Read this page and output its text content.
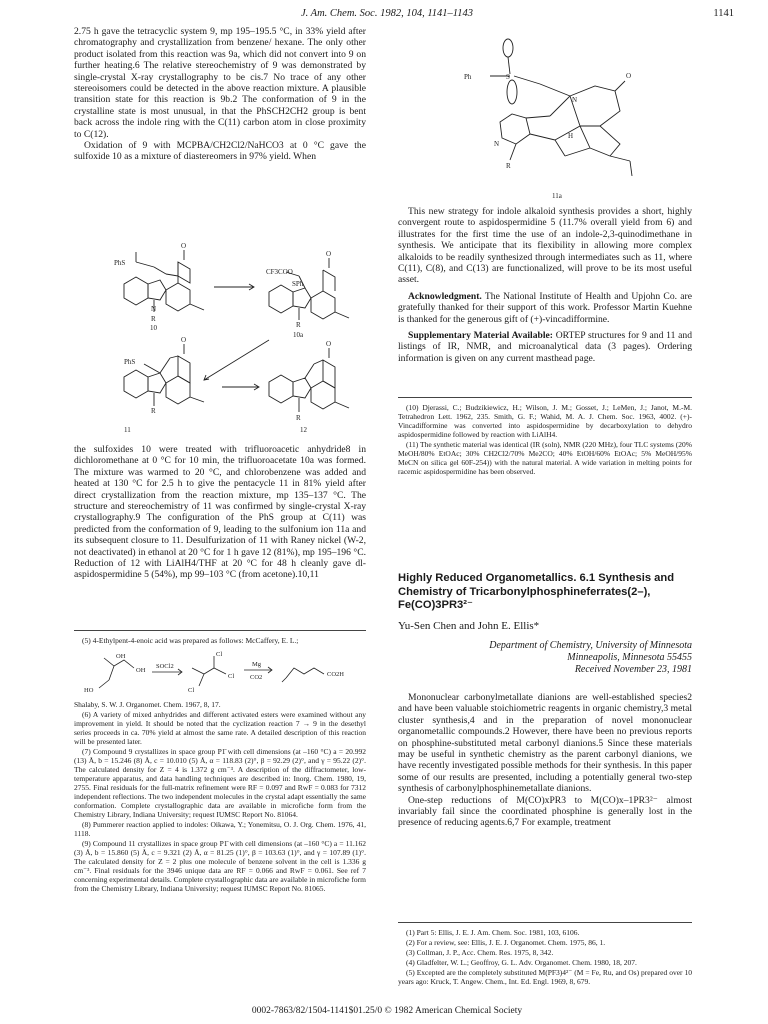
J. Am. Chem. Soc. 1982, 104, 1141–1143	1141

2.75 h gave the tetracyclic system 9, mp 195–195.5 °C, in 33% yield after chromatography and crystallization from benzene/ hexane. The only other product isolated from this reaction was 9a, which did not convert into 9 on further heating.6 The relative stereochemistry of 9 was demonstrated by single-crystal X-ray crystallography to be cis.7 No trace of any other stereoisomers could be detected in the above reaction mixture. A plausible transition state for this reaction is 9b.2 The conformation of 9 in the crystalline state is most unusual, in that the PhSCH2CH2 group is bent back across the indole ring with the C(11) carbon atom in close proximity to C(12).

Oxidation of 9 with MCPBA/CH2Cl2/NaHCO3 at 0 °C gave the sulfoxide 10 as a mixture of diastereomers in 97% yield. When

PhS
O
N
R
10
CF3COO
SPh
O
R
10a
PhS
O
R
11
O
R
12

the sulfoxides 10 were treated with trifluoroacetic anhydride8 in dichloromethane at 0 °C for 10 min, the trifluoroacetate 10a was formed. The mixture was warmed to 20 °C, and chlorobenzene was added and heated at 130 °C for 2.5 h to give the pentacycle 11 in 81% yield after direct crystallization from the reaction mixture, mp 135–137 °C. The structure and stereochemistry of 11 was confirmed by single-crystal X-ray crystallography.9 The configuration of the PhS group at C(11) was predicted from the conformation of 9, leading to the sulfonium ion 11a and its subsequent closure to 11. Desulfurization of 11 with Raney nickel (W-2, not deactivated) in ethanol at 20 °C for 1 h gave 12 (81%), mp 195–196 °C. Reduction of 12 with LiAlH4/THF at 20 °C for 48 h cleanly gave dl-aspidospermidine 5 (54%), mp 99–103 °C (from acetone).10,11

(5) 4-Ethylpent-4-enoic acid was prepared as follows: McCaffery, E. L.;

OH
OH
HO
SOCl2
Cl
Cl
Cl
Mg
CO2	CO2H

Shalaby, S. W. J. Organomet. Chem. 1967, 8, 17.

(6) A variety of mixed anhydrides and different activated esters were examined without any improvement in yield. It should be noted that the cyclization reaction 7 → 9 in the desethyl series proceeds in ca. 70% yield at almost the same rate. A detailed description of this reaction will be presented later.

(7) Compound 9 crystallizes in space group P1̄ with cell dimensions (at –160 °C) a = 20.992 (13) Å, b = 15.246 (8) Å, c = 10.010 (5) Å, α = 118.83 (2)°, β = 92.29 (2)°, and γ = 95.22 (2)°. The calculated density for Z = 4 is 1.372 g cm⁻³. A description of the diffractometer, low-temperature apparatus, and data handling techniques are described in: Inorg. Chem. 1980, 19, 2755. Final residuals for the full-matrix refinement were RF = 0.097 and RwF = 0.083 for 7312 independent reflections. The two independent molecules in the crystal adapt essentially the same conformation. Complete crystallographic data are available in microfiche form from the Chemistry Library, Indiana University; request IUMSC Report No. 81064.

(8) Pummerer reaction applied to indoles: Oikawa, Y.; Yonemitsu, O. J. Org. Chem. 1976, 41, 1118.

(9) Compound 11 crystallizes in space group P1̄ with cell dimensions (at –160 °C) a = 11.162 (3) Å, b = 15.860 (5) Å, c = 9.321 (2) Å, α = 81.25 (1)°, β = 103.63 (1)°, and γ = 107.89 (1)°. The calculated density for Z = 2 plus one molecule of benzene solvent in the cell is 1.336 g cm⁻³. Final residuals for the 3946 unique data are RF = 0.066 and RwF = 0.061. See ref 7 concerning experimental details. Complete crystallographic data are available in microfiche form from the Chemistry Library, Indiana University; request IUMSC Report No. 81065.

Ph	S
N
N
H
O
R
11a

This new strategy for indole alkaloid synthesis provides a short, highly convergent route to aspidospermidine 5 (11.7% overall yield from 6) and illustrates for the first time the use of an indole-2,3-quinodimethane in synthesis. We anticipate that its flexibility in allowing more complex alkaloids to be readily synthesized through intermediates such as 11, where C(11), C(8), and C(13) are functionalized, will prove to be its most useful asset.

Acknowledgment. The National Institute of Health and Upjohn Co. are gratefully thanked for their support of this work. Professor Martin Kuehne is thanked for the generous gift of (+)-vincadifformine.

Supplementary Material Available: ORTEP structures for 9 and 11 and listings of IR, NMR, and microanalytical data (3 pages). Ordering information is given on any current masthead page.

(10) Djerassi, C.; Budzikiewicz, H.; Wilson, J. M.; Gosset, J.; LeMen, J.; Janot, M.-M. Tetrahedron Lett. 1962, 235. Smith, G. F.; Wahid, M. A. J. Chem. Soc. 1963, 4002. (+)-Vincadifformine was converted into aspidospermidine by decarboxylation to dehydro aspidospermidine followed by reaction with LiAlH4.

(11) The synthetic material was identical (IR (soln), NMR (220 MHz), four TLC systems (20% MeOH/80% EtOAc; 30% CH2Cl2/70% Me2CO; 40% EtOH/60% EtOAc; 5% MeOH/95% MeCN on silica gel 60F-254)) with the natural material. A wide variation in melting points for racemic aspidospermidine has been observed.

Highly Reduced Organometallics. 6.1 Synthesis and Chemistry of Tricarbonylphosphineferrates(2–), Fe(CO)3PR3²⁻
Yu-Sen Chen and John E. Ellis*
Department of Chemistry, University of Minnesota
Minneapolis, Minnesota 55455
Received November 23, 1981

Mononuclear carbonylmetallate dianions are well-established species2 and have been valuable stoichiometric reagents in organic chemistry,3 metal cluster synthesis,4 and in the preparation of novel mononuclear organometallic compounds.2 However, there have been no previous reports on phosphine-substituted metal carbonyl dianions.5 Since these materials may be useful in synthetic chemistry as the parent carbonyl dianions, we have recently investigated possible methods for their synthesis. In this paper some of our results are presented, including a potentially general two-step synthesis of carbonylphosphinemetallate dianions.

One-step reductions of M(CO)xPR3 to M(CO)x–1PR3²⁻ almost invariably fail since the coordinated phosphine is generally lost in the presence of reducing agents.6,7 For example, treatment

(1) Part 5: Ellis, J. E. J. Am. Chem. Soc. 1981, 103, 6106.

(2) For a review, see: Ellis, J. E. J. Organomet. Chem. 1975, 86, 1.

(3) Collman, J. P., Acc. Chem. Res. 1975, 8, 342.

(4) Gladfelter, W. L.; Geoffroy, G. L. Adv. Organomet. Chem. 1980, 18, 207.

(5) Excepted are the completely substituted M(PF3)4²⁻ (M = Fe, Ru, and Os) prepared over 10 years ago: Kruck, T. Angew. Chem., Int. Ed. Engl. 1969, 8, 679.

0002-7863/82/1504-1141$01.25/0 © 1982 American Chemical Society
